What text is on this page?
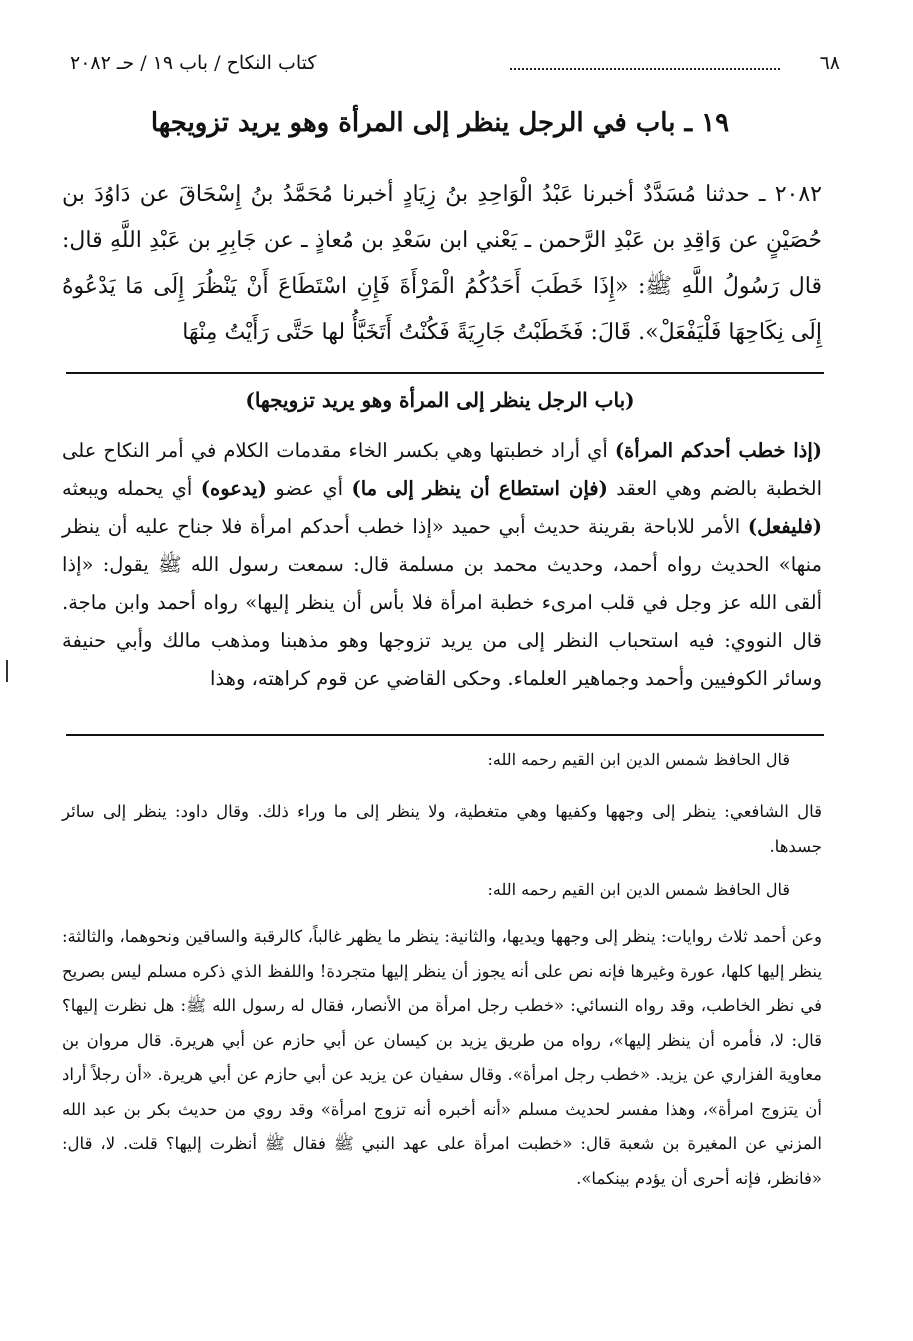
٦٨
كتاب النكاح / باب ١٩ / حـ ٢٠٨٢
١٩ ـ باب في الرجل ينظر إلى المرأة وهو يريد تزويجها
٢٠٨٢ ـ حدثنا مُسَدَّدٌ أخبرنا عَبْدُ الْوَاحِدِ بنُ زِيَادٍ أخبرنا مُحَمَّدُ بنُ إِسْحَاقَ عن دَاوُدَ بن حُصَيْنٍ عن وَاقِدِ بن عَبْدِ الرَّحمن ـ يَعْني ابن سَعْدِ بن مُعاذٍ ـ عن جَابِرِ بن عَبْدِ اللَّهِ قال: قال رَسُولُ اللَّهِ ﷺ: «إِذَا خَطَبَ أَحَدُكُمُ الْمَرْأَةَ فَإِنِ اسْتَطَاعَ أَنْ يَنْظُرَ إِلَى مَا يَدْعُوهُ إِلَى نِكَاحِهَا فَلْيَفْعَلْ». قَالَ: فَخَطَبْتُ جَارِيَةً فَكُنْتُ أَتَخَبَّأُ لها حَتَّى رَأَيْتُ مِنْهَا
(باب الرجل ينظر إلى المرأة وهو يريد تزويجها)
(إذا خطب أحدكم المرأة) أي أراد خطبتها وهي بكسر الخاء مقدمات الكلام في أمر النكاح على الخطبة بالضم وهي العقد (فإن استطاع أن ينظر إلى ما) أي عضو (يدعوه) أي يحمله ويبعثه (فليفعل) الأمر للاباحة بقرينة حديث أبي حميد «إذا خطب أحدكم امرأة فلا جناح عليه أن ينظر منها» الحديث رواه أحمد، وحديث محمد بن مسلمة قال: سمعت رسول الله ﷺ يقول: «إذا ألقى الله عز وجل في قلب امرىء خطبة امرأة فلا بأس أن ينظر إليها» رواه أحمد وابن ماجة. قال النووي: فيه استحباب النظر إلى من يريد تزوجها وهو مذهبنا ومذهب مالك وأبي حنيفة وسائر الكوفيين وأحمد وجماهير العلماء. وحكى القاضي عن قوم كراهته، وهذا
قال الحافظ شمس الدين ابن القيم رحمه الله:
قال الشافعي: ينظر إلى وجهها وكفيها وهي متغطية، ولا ينظر إلى ما وراء ذلك. وقال داود: ينظر إلى سائر جسدها.
قال الحافظ شمس الدين ابن القيم رحمه الله:
وعن أحمد ثلاث روايات: ينظر إلى وجهها ويديها، والثانية: ينظر ما يظهر غالباً، كالرقبة والساقين ونحوهما، والثالثة: ينظر إليها كلها، عورة وغيرها فإنه نص على أنه يجوز أن ينظر إليها متجردة! واللفظ الذي ذكره مسلم ليس بصريح في نظر الخاطب، وقد رواه النسائي: «خطب رجل امرأة من الأنصار، فقال له رسول الله ﷺ: هل نظرت إليها؟ قال: لا، فأمره أن ينظر إليها»، رواه من طريق يزيد بن كيسان عن أبي حازم عن أبي هريرة. قال مروان بن معاوية الفزاري عن يزيد. «خطب رجل امرأة». وقال سفيان عن يزيد عن أبي حازم عن أبي هريرة. «أن رجلاً أراد أن يتزوج امرأة»، وهذا مفسر لحديث مسلم «أنه أخبره أنه تزوج امرأة» وقد روي من حديث بكر بن عبد الله المزني عن المغيرة بن شعبة قال: «خطبت امرأة على عهد النبي ﷺ فقال ﷺ أنظرت إليها؟ قلت. لا، قال: «فانظر، فإنه أحرى أن يؤدم بينكما».
